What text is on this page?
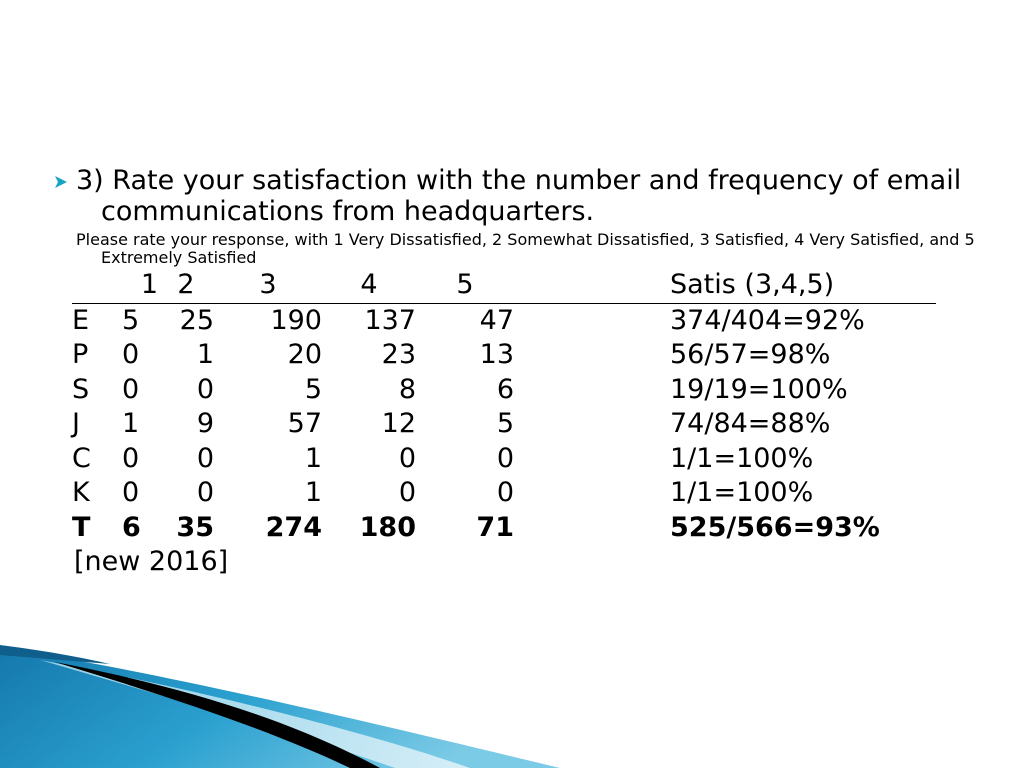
3) Rate your satisfaction with the number and frequency of email communications from headquarters.

Please rate your response, with 1 Very Dissatisfied, 2 Somewhat Dissatisfied, 3 Satisfied, 4 Very Satisfied, and 5 Extremely Satisfied

	1	2	3	4	5	Satis (3,4,5)
E	5	25	190	137	47	374/404=92%
P	0	1	20	23	13	56/57=98%
S	0	0	5	8	6	19/19=100%
J	1	9	57	12	5	74/84=88%
C	0	0	1	0	0	1/1=100%
K	0	0	1	0	0	1/1=100%
T	6	35	274	180	71	525/566=93%

[new 2016]
